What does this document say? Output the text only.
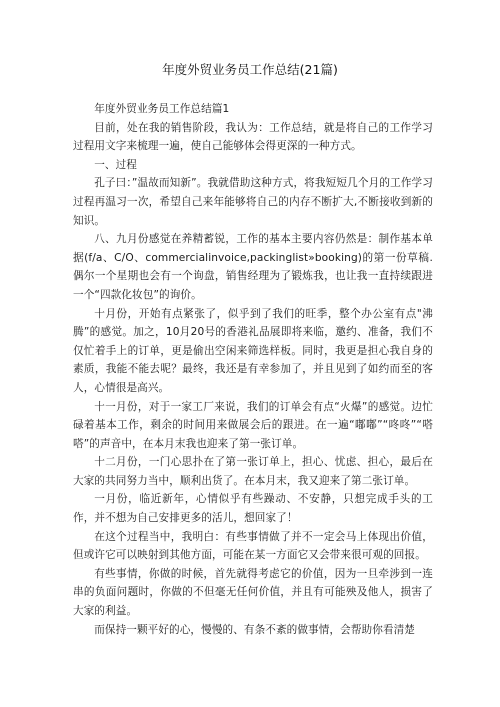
年度外贸业务员工作总结(21篇)

年度外贸业务员工作总结篇1

目前，处在我的销售阶段，我认为：工作总结，就是将自己的工作学习过程用文字来梳理一遍，使自己能够体会得更深的一种方式。

一、过程

孔子曰：”温故而知新”。我就借助这种方式，将我短短几个月的工作学习过程再温习一次，希望自己来年能够将自己的内存不断扩大,不断接收到新的知识。

八、九月份感觉在养精蓄锐，工作的基本主要内容仍然是：制作基本单据(f/a、C/O、commercialinvoice,packinglist»booking)的第一份草稿.偶尔一个星期也会有一个询盘，销售经理为了锻炼我，也让我一直持续跟进一个“四款化妆包”的询价。

十月份，开始有点紧张了，似乎到了我们的旺季，整个办公室有点"沸腾”的感觉。加之，10月20号的香港礼品展即将来临，邀约、准备，我们不仅忙着手上的订单，更是偷出空闲来筛选样板。同时，我更是担心我自身的素质，我能不能去呢？最终，我还是有幸参加了，并且见到了如约而至的客人，心情很是高兴。

十一月份，对于一家工厂来说，我们的订单会有点“火爆”的感觉。边忙碌着基本工作，剩余的时间用来做展会后的跟进。在一遍“嘟嘟”“咚咚”“嗒嗒”的声音中，在本月末我也迎来了第一张订单。

十二月份，一门心思扑在了第一张订单上，担心、忧虑、担心，最后在大家的共同努力当中，顺利出货了。在本月末，我又迎来了第二张订单。

一月份，临近新年，心情似乎有些躁动、不安静，只想完成手头的工作，并不想为自己安排更多的活儿，想回家了！

在这个过程当中，我明白：有些事情做了并不一定会马上体现出价值，但或许它可以映射到其他方面，可能在某一方面它又会带来很可观的回报。

有些事情，你做的时候，首先就得考虑它的价值，因为一旦牵涉到一连串的负面问题时，你做的不但毫无任何价值，并且有可能殃及他人，损害了大家的利益。

而保持一颗平好的心，慢慢的、有条不紊的做事情，会帮助你看清楚
